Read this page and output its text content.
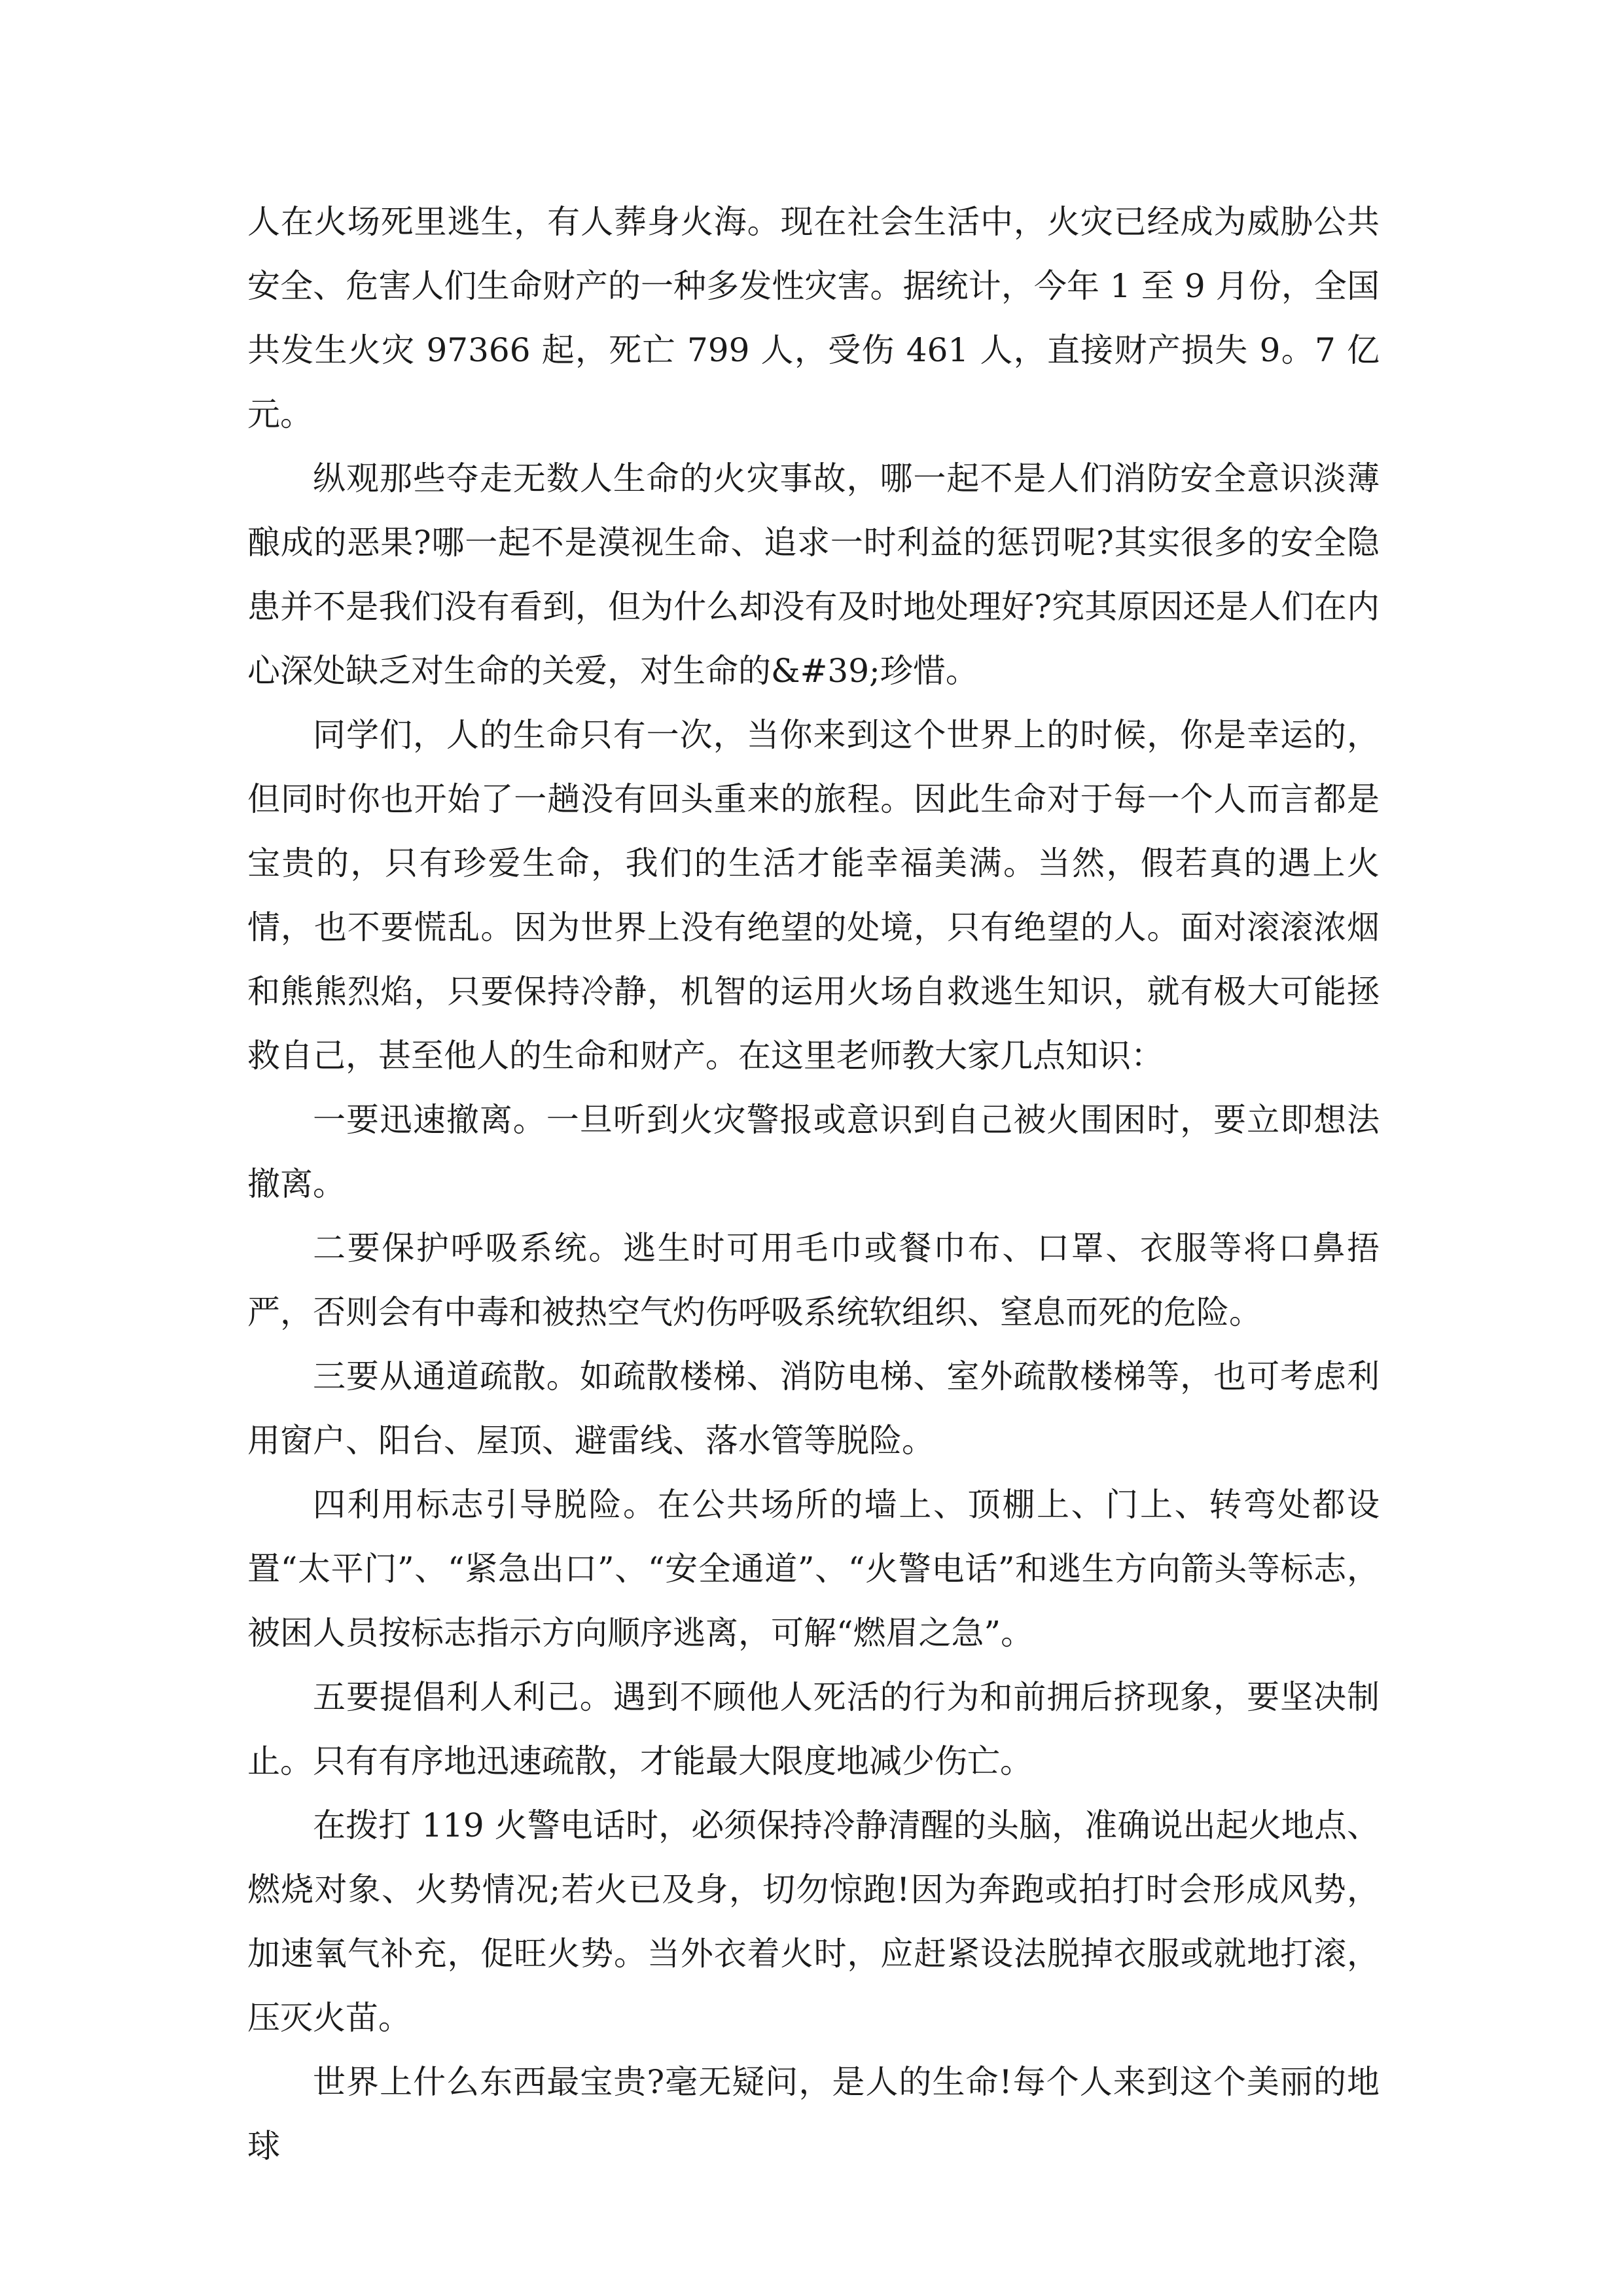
人在火场死里逃生，有人葬身火海。现在社会生活中，火灾已经成为威胁公共安全、危害人们生命财产的一种多发性灾害。据统计，今年 1 至 9 月份，全国共发生火灾 97366 起，死亡 799 人，受伤 461 人，直接财产损失 9。7 亿元。

纵观那些夺走无数人生命的火灾事故，哪一起不是人们消防安全意识淡薄酿成的恶果?哪一起不是漠视生命、追求一时利益的惩罚呢?其实很多的安全隐患并不是我们没有看到，但为什么却没有及时地处理好?究其原因还是人们在内心深处缺乏对生命的关爱，对生命的&#39;珍惜。

同学们，人的生命只有一次，当你来到这个世界上的时候，你是幸运的，但同时你也开始了一趟没有回头重来的旅程。因此生命对于每一个人而言都是宝贵的，只有珍爱生命，我们的生活才能幸福美满。当然，假若真的遇上火情，也不要慌乱。因为世界上没有绝望的处境，只有绝望的人。面对滚滚浓烟和熊熊烈焰，只要保持冷静，机智的运用火场自救逃生知识，就有极大可能拯救自己，甚至他人的生命和财产。在这里老师教大家几点知识：

一要迅速撤离。一旦听到火灾警报或意识到自己被火围困时，要立即想法撤离。

二要保护呼吸系统。逃生时可用毛巾或餐巾布、口罩、衣服等将口鼻捂严，否则会有中毒和被热空气灼伤呼吸系统软组织、窒息而死的危险。

三要从通道疏散。如疏散楼梯、消防电梯、室外疏散楼梯等，也可考虑利用窗户、阳台、屋顶、避雷线、落水管等脱险。

四利用标志引导脱险。在公共场所的墙上、顶棚上、门上、转弯处都设置“太平门”、“紧急出口”、“安全通道”、“火警电话”和逃生方向箭头等标志，被困人员按标志指示方向顺序逃离，可解“燃眉之急”。

五要提倡利人利己。遇到不顾他人死活的行为和前拥后挤现象，要坚决制止。只有有序地迅速疏散，才能最大限度地减少伤亡。

在拨打 119 火警电话时，必须保持冷静清醒的头脑，准确说出起火地点、燃烧对象、火势情况;若火已及身，切勿惊跑!因为奔跑或拍打时会形成风势，加速氧气补充，促旺火势。当外衣着火时，应赶紧设法脱掉衣服或就地打滚，压灭火苗。

世界上什么东西最宝贵?毫无疑问，是人的生命!每个人来到这个美丽的地球
